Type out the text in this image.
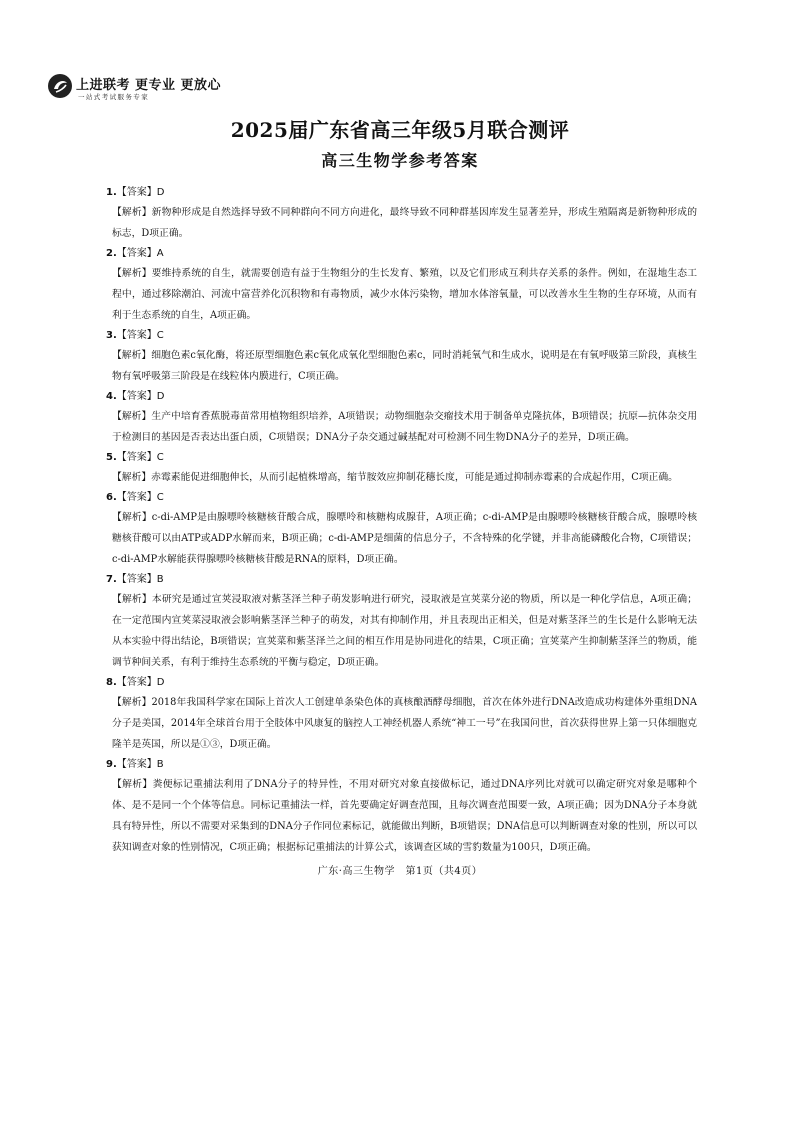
上进联考 更专业 更放心
一站式考试服务专家
2025届广东省高三年级5月联合测评
高三生物学参考答案
1.【答案】D

【解析】新物种形成是自然选择导致不同种群向不同方向进化，最终导致不同种群基因库发生显著差异，形成生殖隔离是新物种形成的标志，D项正确。

2.【答案】A

【解析】要维持系统的自生，就需要创造有益于生物组分的生长发育、繁殖，以及它们形成互利共存关系的条件。例如，在湿地生态工程中，通过移除潮泊、河流中富营养化沉积物和有毒物质，减少水体污染物，增加水体溶氧量，可以改善水生生物的生存环境，从而有利于生态系统的自生，A项正确。

3.【答案】C

【解析】细胞色素c氧化酶，将还原型细胞色素c氧化成氧化型细胞色素c，同时消耗氧气和生成水，说明是在有氧呼吸第三阶段，真核生物有氧呼吸第三阶段是在线粒体内膜进行，C项正确。

4.【答案】D

【解析】生产中培育香蕉脱毒苗常用植物组织培养，A项错误；动物细胞杂交瘤技术用于制备单克隆抗体，B项错误；抗原—抗体杂交用于检测目的基因是否表达出蛋白质，C项错误；DNA分子杂交通过碱基配对可检测不同生物DNA分子的差异，D项正确。

5.【答案】C

【解析】赤霉素能促进细胞伸长，从而引起植株增高，缩节胺效应抑制花穗长度，可能是通过抑制赤霉素的合成起作用，C项正确。

6.【答案】C

【解析】c-di-AMP是由腺嘌呤核糖核苷酸合成，腺嘌呤和核糖构成腺苷，A项正确；c-di-AMP是由腺嘌呤核糖核苷酸合成，腺嘌呤核糖核苷酸可以由ATP或ADP水解而来，B项正确；c-di-AMP是细菌的信息分子，不含特殊的化学键，并非高能磷酸化合物，C项错误；c-di-AMP水解能获得腺嘌呤核糖核苷酸是RNA的原料，D项正确。

7.【答案】B

【解析】本研究是通过宣荚浸取液对紫茎泽兰种子萌发影响进行研究，浸取液是宣荚菜分泌的物质，所以是一种化学信息，A项正确；在一定范围内宣荚菜浸取液会影响紫茎泽兰种子的萌发，对其有抑制作用，并且表现出正相关，但是对紫茎泽兰的生长是什么影响无法从本实验中得出结论，B项错误；宣荚菜和紫茎泽兰之间的相互作用是协同进化的结果，C项正确；宣荚菜产生抑制紫茎泽兰的物质，能调节种间关系，有利于维持生态系统的平衡与稳定，D项正确。

8.【答案】D

【解析】2018年我国科学家在国际上首次人工创建单条染色体的真核酿酒酵母细胞，首次在体外进行DNA改造成功构建体外重组DNA分子是美国，2014年全球首台用于全肢体中风康复的脑控人工神经机器人系统“神工一号”在我国问世，首次获得世界上第一只体细胞克隆羊是英国，所以是①③，D项正确。

9.【答案】B

【解析】粪便标记重捕法利用了DNA分子的特异性，不用对研究对象直接做标记，通过DNA序列比对就可以确定研究对象是哪种个体、是不是同一个个体等信息。同标记重捕法一样，首先要确定好调查范围，且每次调查范围要一致，A项正确；因为DNA分子本身就具有特异性，所以不需要对采集到的DNA分子作同位素标记，就能做出判断，B项错误；DNA信息可以判断调查对象的性别，所以可以获知调查对象的性别情况，C项正确；根据标记重捕法的计算公式，该调查区域的雪豹数量为100只，D项正确。

广东·高三生物学　第1页（共4页）
